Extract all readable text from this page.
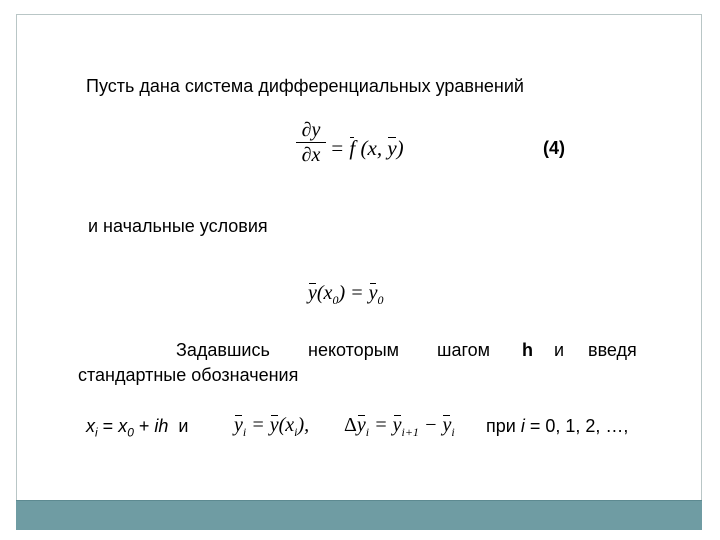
Пусть дана система дифференциальных уравнений
$\frac{\partial y}{\partial x} = f$ (x, y)	(4)
и начальные условия
$y(x_0) = y_0$
Задавшись некоторым шагом h и введя
стандартные обозначения
$x_i = x_0$ + ih  и $y_i = y(x_i)$, $\Delta y_i = y_{i+1} - y_i$ при i = 0, 1, 2, …,
